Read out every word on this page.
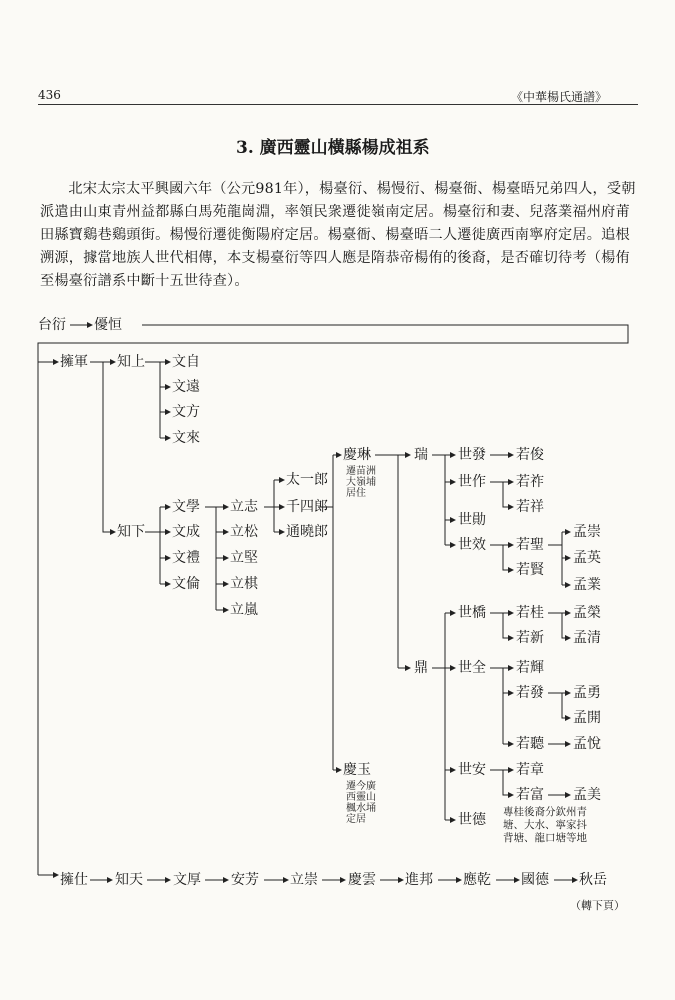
436	《中華楊氏通譜》
3. 廣西靈山橫縣楊成祖系
北宋太宗太平興國六年（公元981年），楊臺衍、楊慢衍、楊臺衙、楊臺晤兄弟四人，受朝派遣由山東青州益都縣白馬苑龍崗淵，率領民衆遷徙嶺南定居。楊臺衍和妻、兒落業福州府莆田縣寶鷄巷鷄頭街。楊慢衍遷徙衡陽府定居。楊臺衙、楊臺晤二人遷徙廣西南寧府定居。追根溯源，據當地族人世代相傳，本支楊臺衍等四人應是隋恭帝楊侑的後裔，是否確切待考（楊侑至楊臺衍譜系中斷十五世待查）。
台衍 優恒
擁軍 知上 文自
文遠
文方
文來
知下
文學
文成
文禮
文倫
立志
立松
立堅
立棋
立嵐
太一郎
千四郎
通曉郎
慶琳
遷苗洲大嶺埔居住
慶玉
遷今廣西靈山楓水埇定居
瑞
鼎
世發
世作
世勛
世效
世橋
世全
世安
世德 專桂後裔分欽州青
塘、大水、寧家抖
背塘、龍口塘等地
若俊
若祚
若祥
若聖
若賢
若桂
若新
若輝
若發
若聽
若章
若富
孟崇
孟英
孟業
孟榮
孟清
孟勇
孟開
孟悅
孟美
擁仕 知天 文厚 安芳 立崇 慶雲 進邦 應乾 國德 秋岳
（轉下頁）
